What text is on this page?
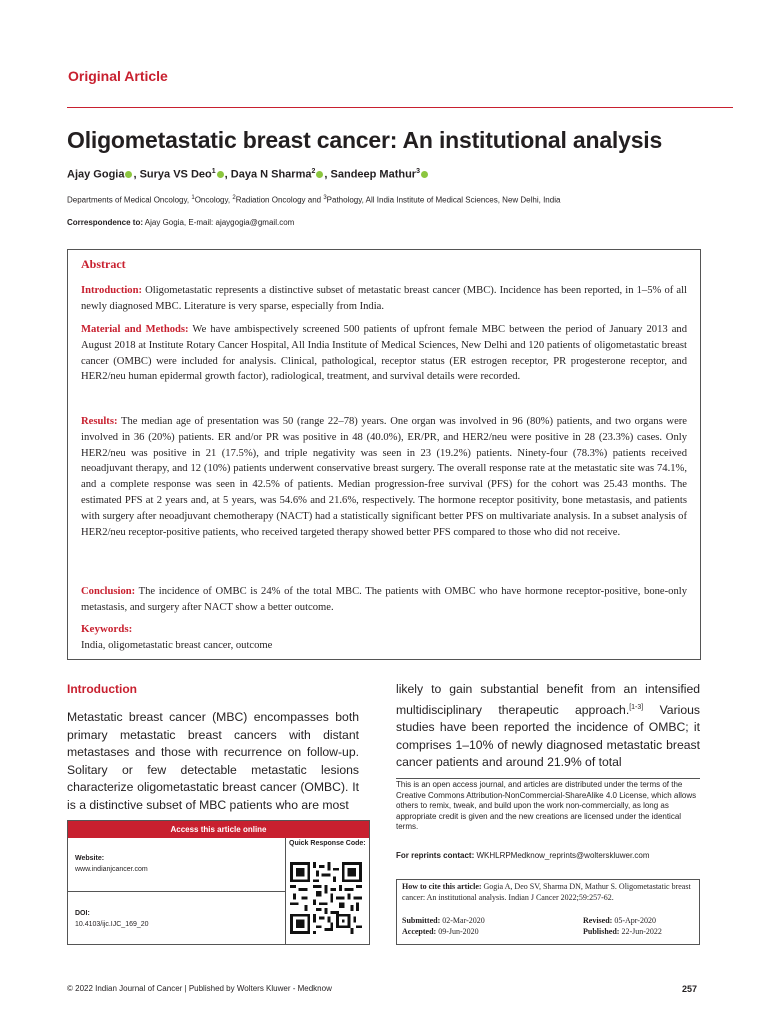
Original Article
Oligometastatic breast cancer: An institutional analysis
Ajay Gogia , Surya VS Deo$^1$ , Daya N Sharma$^2$ , Sandeep Mathur$^3$
Departments of Medical Oncology, $^1$Oncology, $^2$Radiation Oncology and $^3$Pathology, All India Institute of Medical Sciences, New Delhi, India
Correspondence to: Ajay Gogia, E-mail: ajaygogia@gmail.com
Abstract
Introduction: Oligometastatic represents a distinctive subset of metastatic breast cancer (MBC). Incidence has been reported, in 1–5% of all newly diagnosed MBC. Literature is very sparse, especially from India.
Material and Methods: We have ambispectively screened 500 patients of upfront female MBC between the period of January 2013 and August 2018 at Institute Rotary Cancer Hospital, All India Institute of Medical Sciences, New Delhi and 120 patients of oligometastatic breast cancer (OMBC) were included for analysis. Clinical, pathological, receptor status (ER estrogen receptor, PR progesterone receptor, and HER2/neu human epidermal growth factor), radiological, treatment, and survival details were recorded.
Results: The median age of presentation was 50 (range 22–78) years. One organ was involved in 96 (80%) patients, and two organs were involved in 36 (20%) patients. ER and/or PR was positive in 48 (40.0%), ER/PR, and HER2/neu were positive in 28 (23.3%) cases. Only HER2/neu was positive in 21 (17.5%), and triple negativity was seen in 23 (19.2%) patients. Ninety-four (78.3%) patients received neoadjuvant therapy, and 12 (10%) patients underwent conservative breast surgery. The overall response rate at the metastatic site was 74.1%, and a complete response was seen in 42.5% of patients. Median progression-free survival (PFS) for the cohort was 25.43 months. The estimated PFS at 2 years and, at 5 years, was 54.6% and 21.6%, respectively. The hormone receptor positivity, bone metastasis, and patients with surgery after neoadjuvant chemotherapy (NACT) had a statistically significant better PFS on multivariate analysis. In a subset analysis of HER2/neu receptor-positive patients, who received targeted therapy showed better PFS compared to those who did not receive.
Conclusion: The incidence of OMBC is 24% of the total MBC. The patients with OMBC who have hormone receptor-positive, bone-only metastasis, and surgery after NACT show a better outcome.
Keywords:
India, oligometastatic breast cancer, outcome
Introduction
Metastatic breast cancer (MBC) encompasses both primary metastatic breast cancers with distant metastases and those with recurrence on follow-up. Solitary or few detectable metastatic lesions characterize oligometastatic breast cancer (OMBC). It is a distinctive subset of MBC patients who are most
likely to gain substantial benefit from an intensified multidisciplinary therapeutic approach.[1-3] Various studies have been reported the incidence of OMBC; it comprises 1–10% of newly diagnosed metastatic breast cancer patients and around 21.9% of total
Access this article online
Quick Response Code:
Website:
www.indianjcancer.com
DOI:
10.4103/ijc.IJC_169_20
This is an open access journal, and articles are distributed under the terms of the Creative Commons Attribution-NonCommercial-ShareAlike 4.0 License, which allows others to remix, tweak, and build upon the work non-commercially, as long as appropriate credit is given and the new creations are licensed under the identical terms.
For reprints contact: WKHLRPMedknow_reprints@wolterskluwer.com
How to cite this article: Gogia A, Deo SV, Sharma DN, Mathur S. Oligometastatic breast cancer: An institutional analysis. Indian J Cancer 2022;59:257-62.
Submitted: 02-Mar-2020	Revised: 05-Apr-2020
Accepted: 09-Jun-2020	Published: 22-Jun-2022
© 2022 Indian Journal of Cancer | Published by Wolters Kluwer - Medknow	257
